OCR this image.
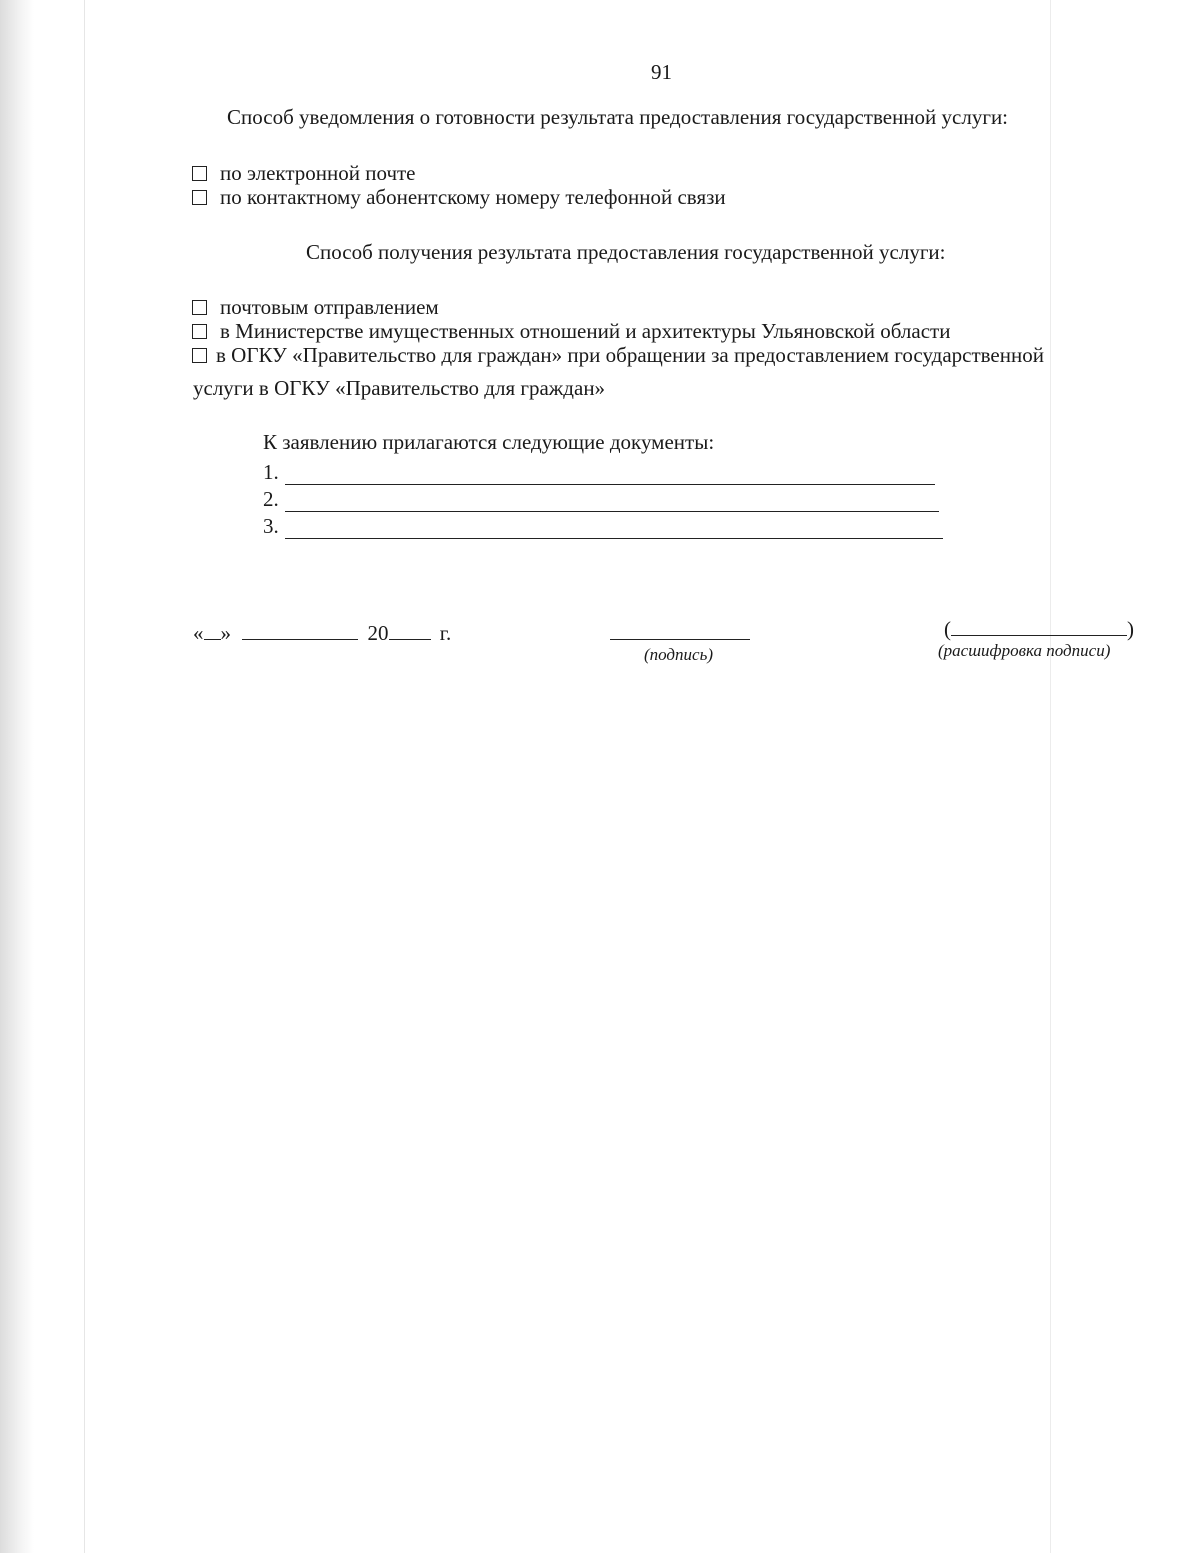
91
Способ уведомления о готовности результата предоставления государственной услуги:
по электронной почте
по контактному абонентскому номеру телефонной связи
Способ получения результата предоставления государственной услуги:
почтовым отправлением
в Министерстве имущественных отношений и архитектуры Ульяновской области
в ОГКУ «Правительство для граждан» при обращении за предоставлением государственной
услуги в ОГКУ «Правительство для граждан»
К заявлению прилагаются следующие документы:
1.
2.
3.
« »	20 г.
(подпись)
(	)
(расшифровка подписи)
